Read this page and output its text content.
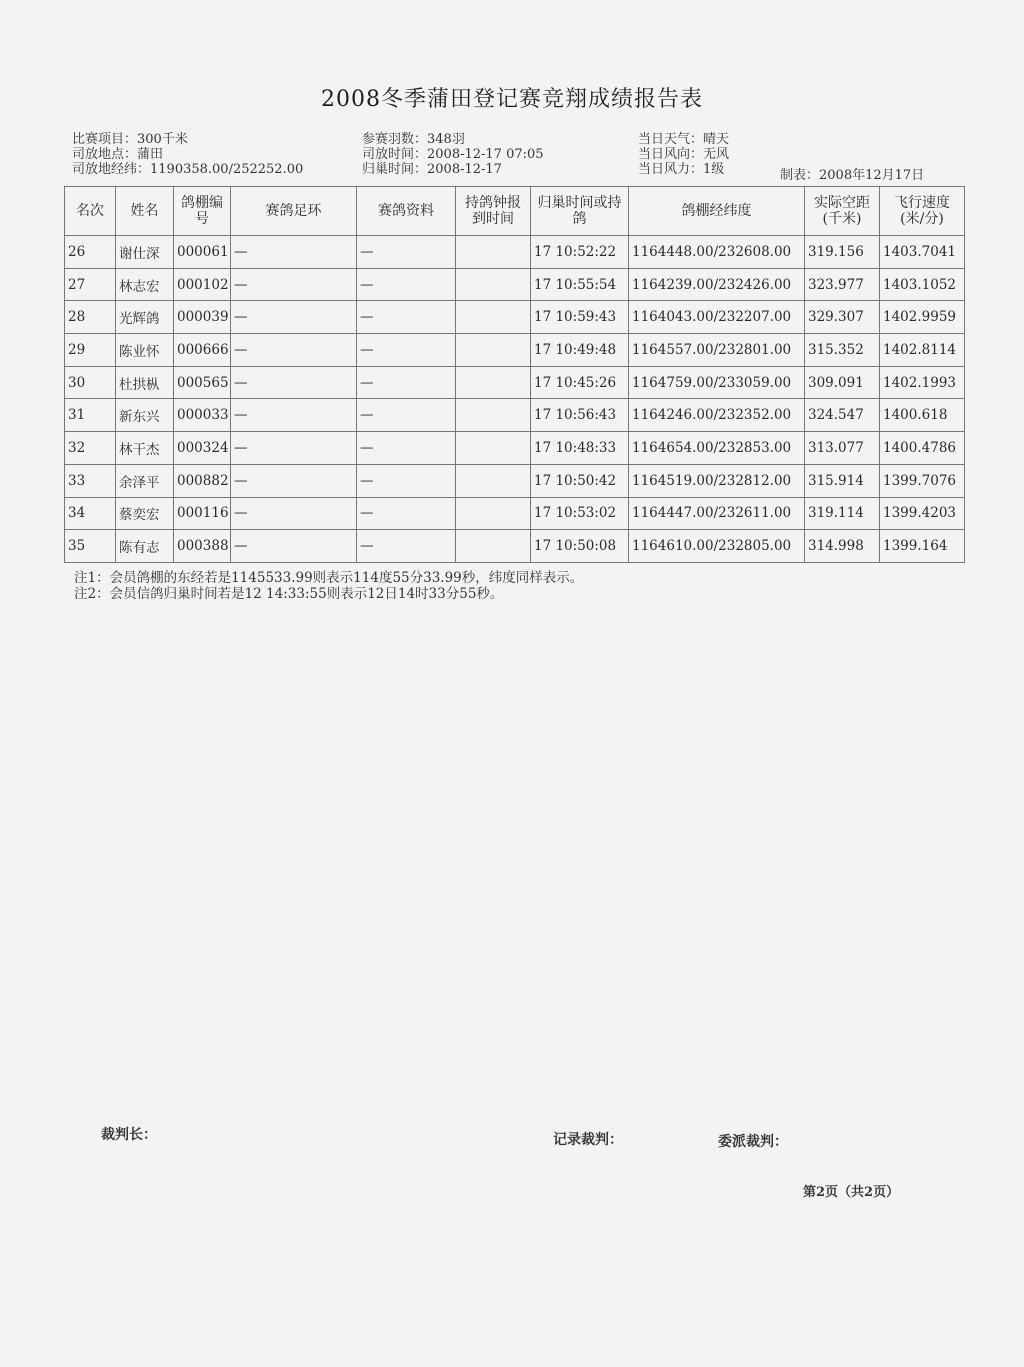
2008冬季蒲田登记赛竞翔成绩报告表
比赛项目：300千米
司放地点：蒲田
司放地经纬：1190358.00/252252.00
参赛羽数：348羽
司放时间：2008-12-17 07:05
归巢时间：2008-12-17
当日天气：晴天
当日风向：无风
当日风力：1级	制表：2008年12月17日
名次	姓名	鸽棚编号	赛鸽足环	赛鸽资料	持鸽钟报到时间	归巢时间或持鸽	鸽棚经纬度	实际空距(千米)	飞行速度(米/分)
26	谢仕深	000061	—	—		17 10:52:22	1164448.00/232608.00	319.156	1403.7041
27	林志宏	000102	—	—		17 10:55:54	1164239.00/232426.00	323.977	1403.1052
28	光辉鸽	000039	—	—		17 10:59:43	1164043.00/232207.00	329.307	1402.9959
29	陈业怀	000666	—	—		17 10:49:48	1164557.00/232801.00	315.352	1402.8114
30	杜拱枞	000565	—	—		17 10:45:26	1164759.00/233059.00	309.091	1402.1993
31	新东兴	000033	—	—		17 10:56:43	1164246.00/232352.00	324.547	1400.618
32	林干杰	000324	—	—		17 10:48:33	1164654.00/232853.00	313.077	1400.4786
33	余泽平	000882	—	—		17 10:50:42	1164519.00/232812.00	315.914	1399.7076
34	蔡奕宏	000116	—	—		17 10:53:02	1164447.00/232611.00	319.114	1399.4203
35	陈有志	000388	—	—		17 10:50:08	1164610.00/232805.00	314.998	1399.164
注1：会员鸽棚的东经若是1145533.99则表示114度55分33.99秒，纬度同样表示。
注2：会员信鸽归巢时间若是12 14:33:55则表示12日14时33分55秒。
裁判长：	记录裁判：	委派裁判：
第2页（共2页）
